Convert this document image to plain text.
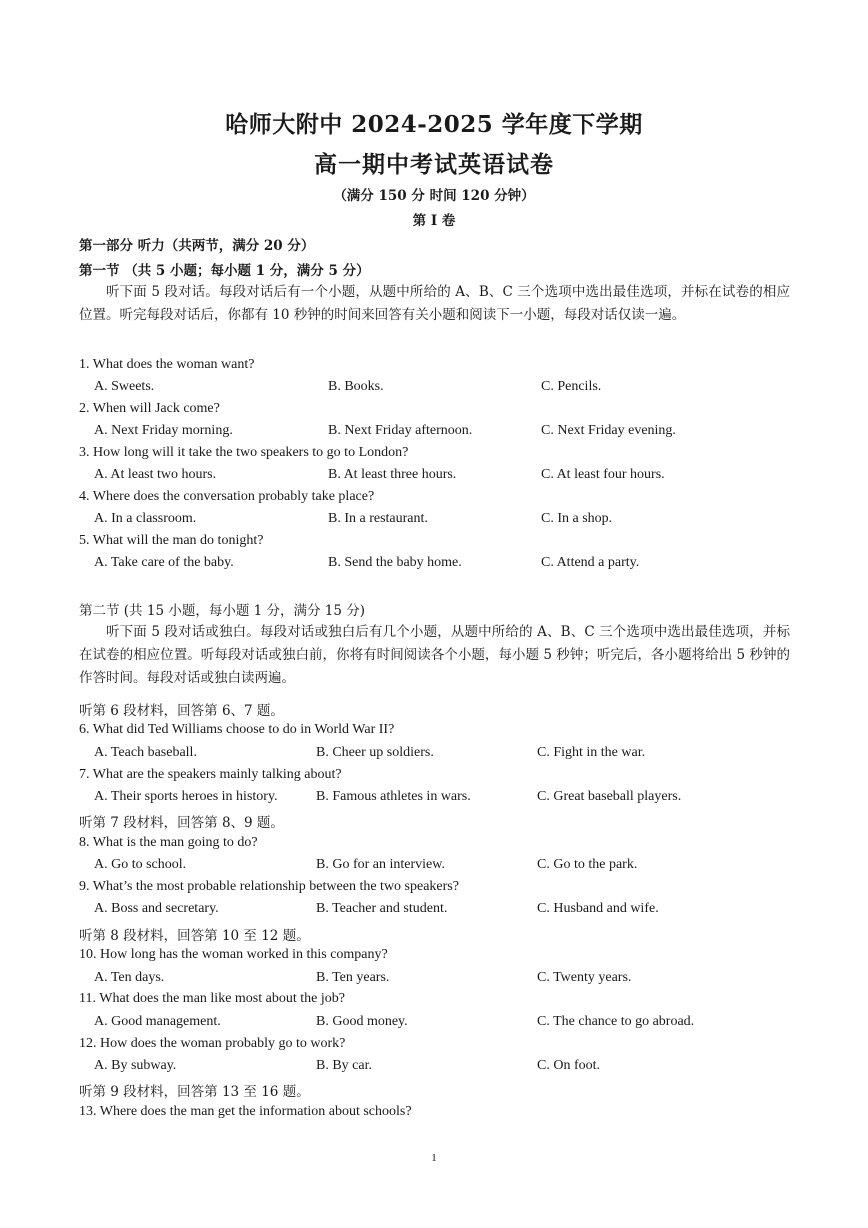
哈师大附中 2024-2025 学年度下学期
高一期中考试英语试卷
（满分 150 分 时间 120 分钟）
第 I 卷
第一部分 听力（共两节，满分 20 分）
第一节 （共 5 小题；每小题 1 分，满分 5 分）
听下面 5 段对话。每段对话后有一个小题，从题中所给的 A、B、C 三个选项中选出最佳选项，并标在试卷的相应位置。听完每段对话后，你都有 10 秒钟的时间来回答有关小题和阅读下一小题，每段对话仅读一遍。
1. What does the woman want?
A. Sweets.	B. Books.	C. Pencils.
2. When will Jack come?
A. Next Friday morning.	B. Next Friday afternoon.	C. Next Friday evening.
3. How long will it take the two speakers to go to London?
A. At least two hours.	B. At least three hours.	C. At least four hours.
4. Where does the conversation probably take place?
A. In a classroom.	B. In a restaurant.	C. In a shop.
5. What will the man do tonight?
A. Take care of the baby.	B. Send the baby home.	C. Attend a party.
第二节 (共 15 小题，每小题 1 分，满分 15 分)
听下面 5 段对话或独白。每段对话或独白后有几个小题，从题中所给的 A、B、C 三个选项中选出最佳选项，并标在试卷的相应位置。听每段对话或独白前，你将有时间阅读各个小题，每小题 5 秒钟；听完后，各小题将给出 5 秒钟的作答时间。每段对话或独白读两遍。
听第 6 段材料，回答第 6、7 题。
6. What did Ted Williams choose to do in World War II?
A. Teach baseball.	B. Cheer up soldiers.	C. Fight in the war.
7. What are the speakers mainly talking about?
A. Their sports heroes in history.	B. Famous athletes in wars.	C. Great baseball players.
听第 7 段材料，回答第 8、9 题。
8. What is the man going to do?
A. Go to school.	B. Go for an interview.	C. Go to the park.
9. What’s the most probable relationship between the two speakers?
A. Boss and secretary.	B. Teacher and student.	C. Husband and wife.
听第 8 段材料，回答第 10 至 12 题。
10. How long has the woman worked in this company?
A. Ten days.	B. Ten years.	C. Twenty years.
11. What does the man like most about the job?
A. Good management.	B. Good money.	C. The chance to go abroad.
12. How does the woman probably go to work?
A. By subway.	B. By car.	C. On foot.
听第 9 段材料，回答第 13 至 16 题。
13. Where does the man get the information about schools?
1
